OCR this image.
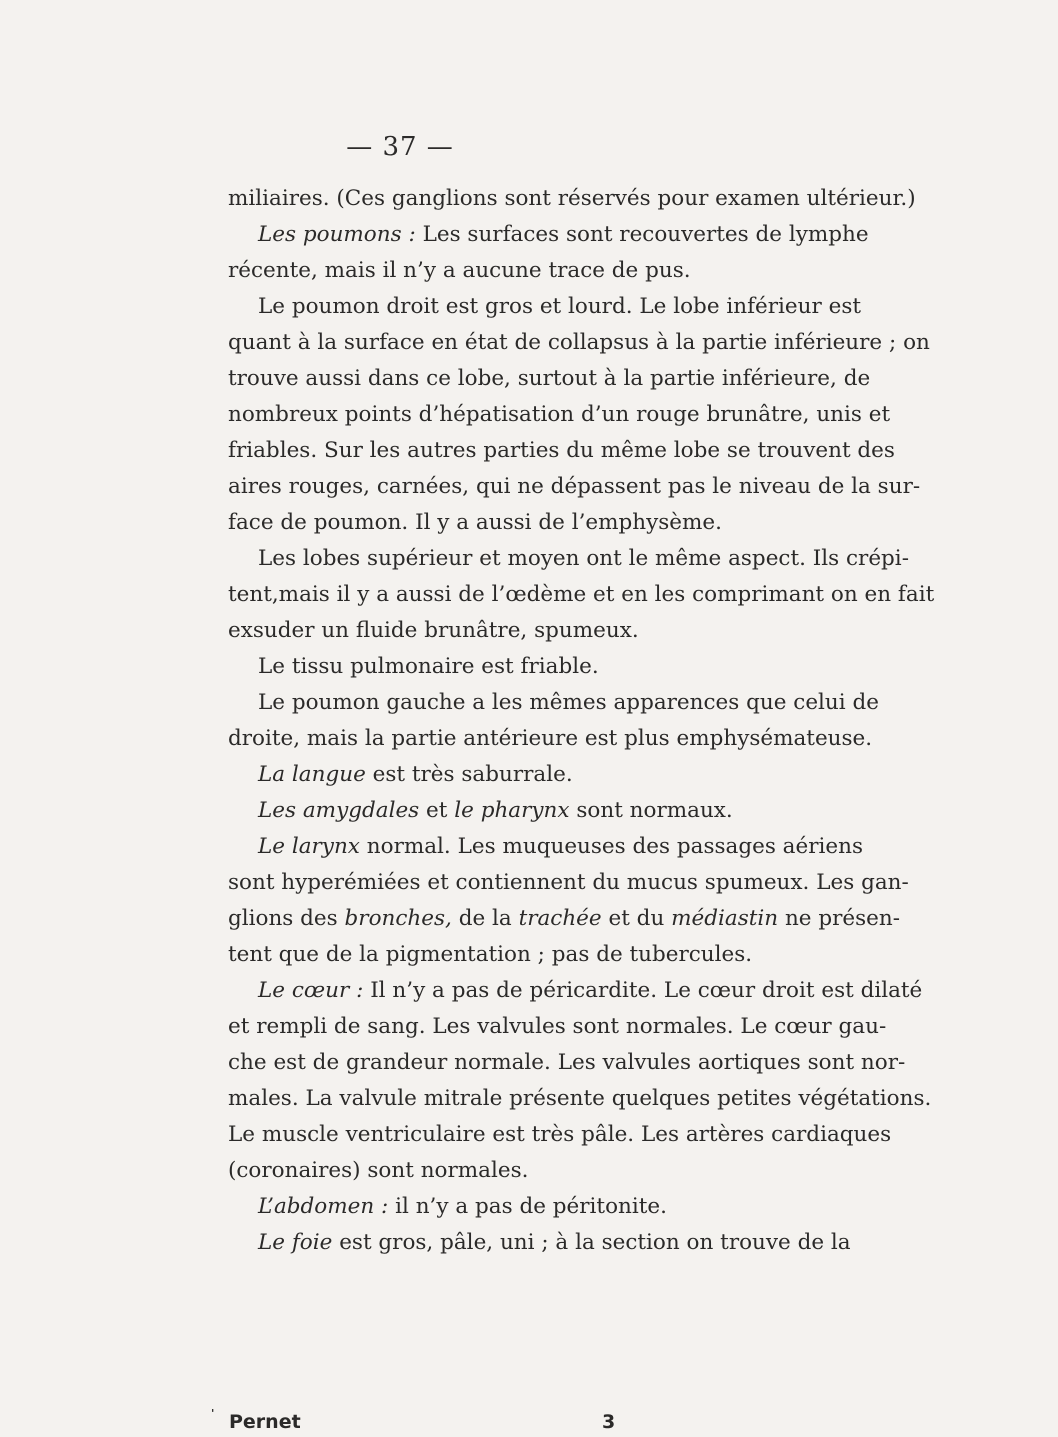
— 37 —
miliaires. (Ces ganglions sont réservés pour examen ultérieur.)
Les poumons : Les surfaces sont recouvertes de lymphe
récente, mais il n’y a aucune trace de pus.
Le poumon droit est gros et lourd. Le lobe inférieur est
quant à la surface en état de collapsus à la partie inférieure ; on
trouve aussi dans ce lobe, surtout à la partie inférieure, de
nombreux points d’hépatisation d’un rouge brunâtre, unis et
friables. Sur les autres parties du même lobe se trouvent des
aires rouges, carnées, qui ne dépassent pas le niveau de la sur-
face de poumon. Il y a aussi de l’emphysème.
Les lobes supérieur et moyen ont le même aspect. Ils crépi-
tent,mais il y a aussi de l’œdème et en les comprimant on en fait
exsuder un fluide brunâtre, spumeux.
Le tissu pulmonaire est friable.
Le poumon gauche a les mêmes apparences que celui de
droite, mais la partie antérieure est plus emphysémateuse.
La langue est très saburrale.
Les amygdales et le pharynx sont normaux.
Le larynx normal. Les muqueuses des passages aériens
sont hyperémiées et contiennent du mucus spumeux. Les gan-
glions des bronches, de la trachée et du médiastin ne présen-
tent que de la pigmentation ; pas de tubercules.
Le cœur : Il n’y a pas de péricardite. Le cœur droit est dilaté
et rempli de sang. Les valvules sont normales. Le cœur gau-
che est de grandeur normale. Les valvules aortiques sont nor-
males. La valvule mitrale présente quelques petites végétations.
Le muscle ventriculaire est très pâle. Les artères cardiaques
(coronaires) sont normales.
L’abdomen : il n’y a pas de péritonite.
Le foie est gros, pâle, uni ; à la section on trouve de la
' Pernet	3
